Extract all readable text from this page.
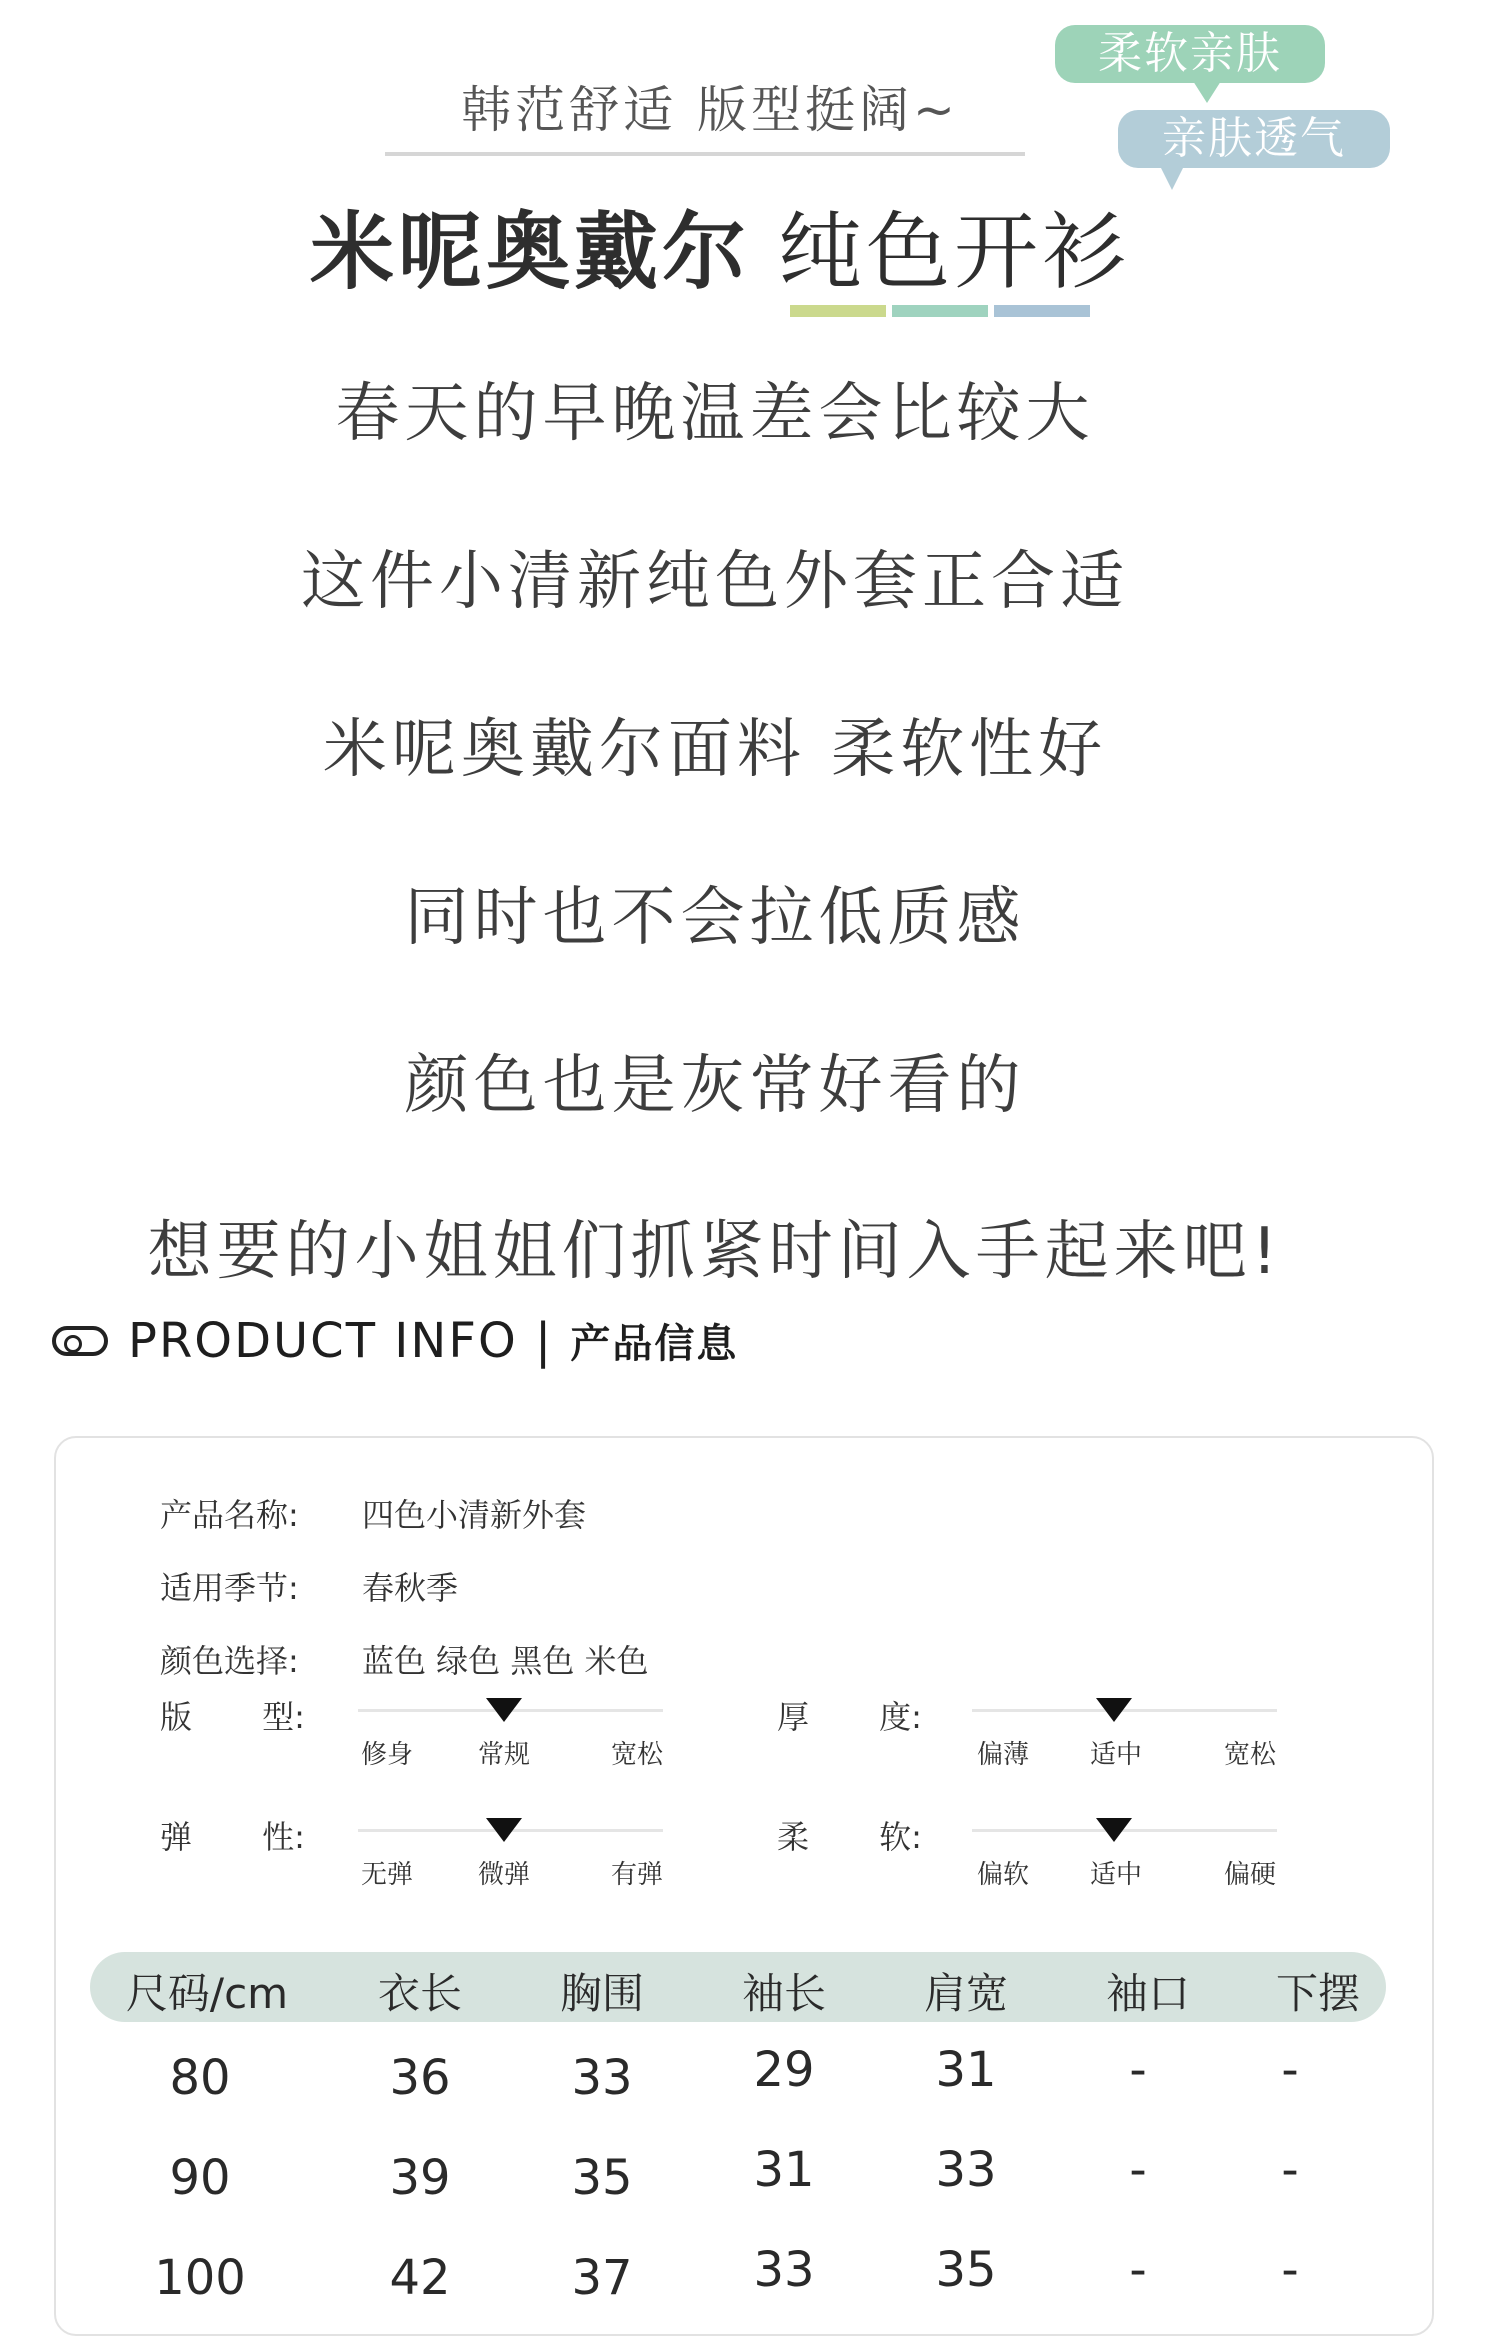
韩范舒适 版型挺阔~
米呢奥戴尔 纯色开衫
柔软亲肤
亲肤透气
春天的早晚温差会比较大
这件小清新纯色外套正合适
米呢奥戴尔面料 柔软性好
同时也不会拉低质感
颜色也是灰常好看的
想要的小姐姐们抓紧时间入手起来吧!
PRODUCT INFO | 产品信息
产品名称: 四色小清新外套
适用季节: 春秋季
颜色选择: 蓝色 绿色 黑色 米色
版 型:
修身 常规	宽松
厚 度:
偏薄 适中	宽松
弹 性:
无弹 微弹	有弹
柔 软:
偏软 适中	偏硬
尺码/cm	衣长	胸围	袖长	肩宽	袖口	下摆
80	36	33	29	31	-	-
90	39	35	31	33	-	-
100	42	37	33	35	-	-
